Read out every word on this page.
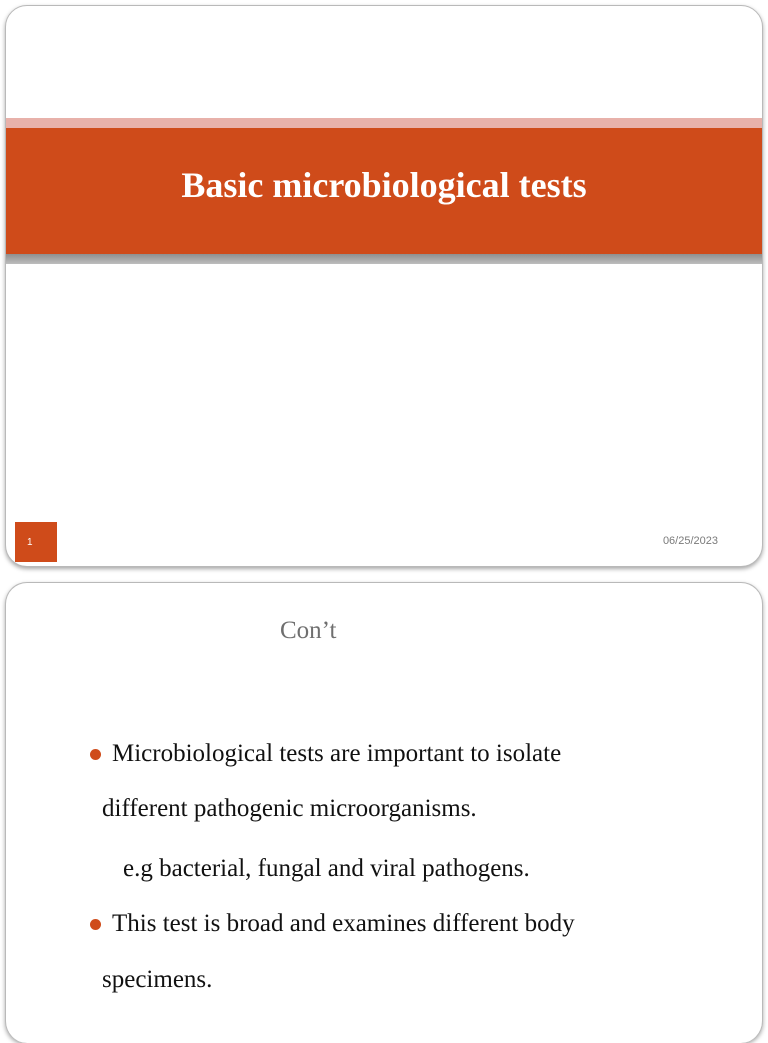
Basic microbiological tests
1	06/25/2023
Con’t
Microbiological tests are important to isolate
different pathogenic microorganisms.
e.g bacterial, fungal and viral pathogens.
This test is broad and examines different body
specimens.
